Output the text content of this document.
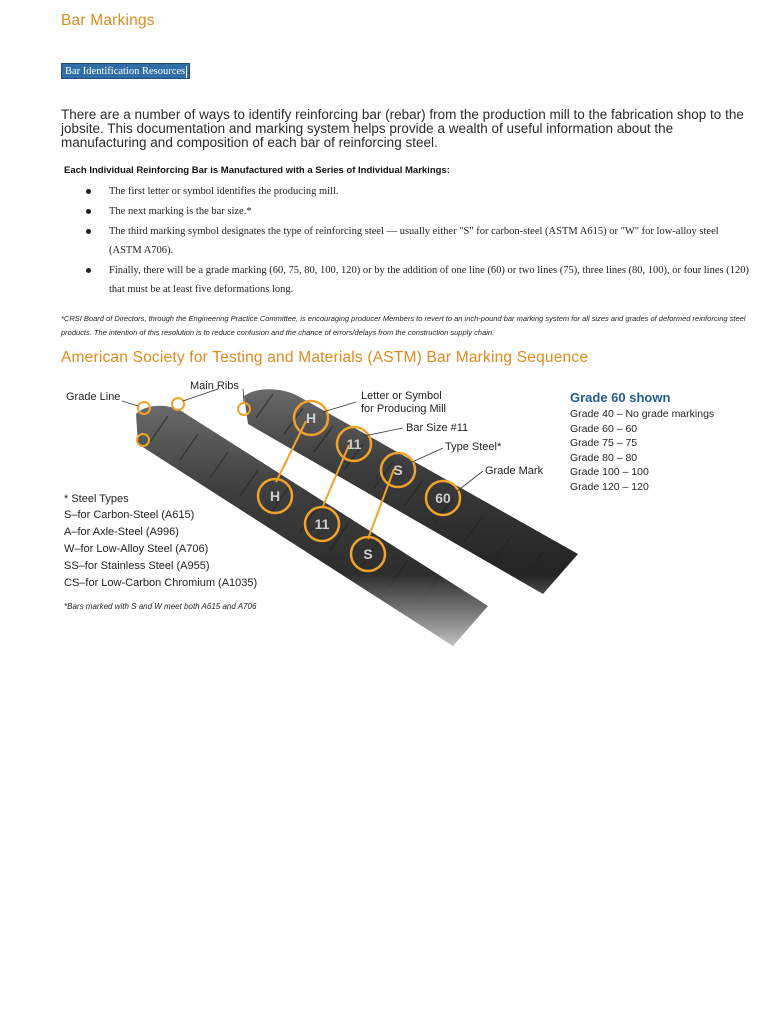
Bar Markings
Bar Identification Resources
There are a number of ways to identify reinforcing bar (rebar) from the production mill to the fabrication shop to the jobsite. This documentation and marking system helps provide a wealth of useful information about the manufacturing and composition of each bar of reinforcing steel.
Each Individual Reinforcing Bar is Manufactured with a Series of Individual Markings:
The first letter or symbol identifies the producing mill.
The next marking is the bar size.*
The third marking symbol designates the type of reinforcing steel — usually either "S" for carbon-steel (ASTM A615) or "W" for low-alloy steel (ASTM A706).
Finally, there will be a grade marking (60, 75, 80, 100, 120) or by the addition of one line (60) or two lines (75), three lines (80, 100), or four lines (120) that must be at least five deformations long.
*CRSI Board of Directors, through the Engineering Practice Committee, is encouraging producer Members to revert to an inch-pound bar marking system for all sizes and grades of deformed reinforcing steel products. The intention of this resolution is to reduce confusion and the chance of errors/delays from the construction supply chain.
American Society for Testing and Materials (ASTM) Bar Marking Sequence
H
11
S
60
H
11
S
Grade Line
Main Ribs
Letter or Symbol
for Producing Mill
Bar Size #11
Type Steel*
Grade Mark
* Steel Types
S–for Carbon-Steel (A615)
A–for Axle-Steel (A996)
W–for Low-Alloy Steel (A706)
SS–for Stainless Steel (A955)
CS–for Low-Carbon Chromium (A1035)
*Bars marked with S and W meet both A615 and A706
Grade 60 shown
Grade 40 – No grade markings
Grade 60 – 60
Grade 75 – 75
Grade 80 – 80
Grade 100 – 100
Grade 120 – 120
